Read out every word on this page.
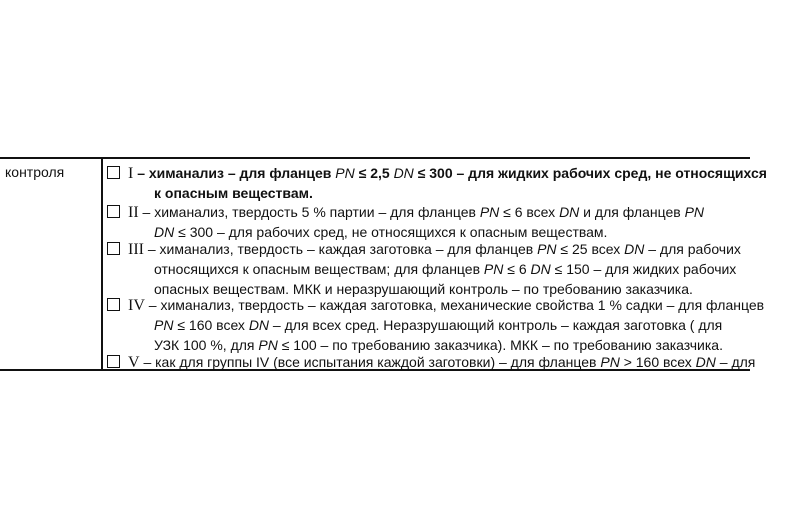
контроля	I – химанализ – для фланцев PN ≤ 2,5 DN ≤ 300 – для жидких рабочих сред, не относящихся
к опасным веществам.
II – химанализ, твердость 5 % партии – для фланцев PN ≤ 6 всех DN и для фланцев PN
DN ≤ 300 – для рабочих сред, не относящихся к опасным веществам.
III – химанализ, твердость – каждая заготовка – для фланцев PN ≤ 25 всех DN – для рабочих
относящихся к опасным веществам; для фланцев PN ≤ 6 DN ≤ 150 – для жидких рабочих
опасных веществам. МКК и неразрушающий контроль – по требованию заказчика.
IV – химанализ, твердость – каждая заготовка, механические свойства 1 % садки – для фланцев
PN ≤ 160 всех DN – для всех сред. Неразрушающий контроль – каждая заготовка ( для
УЗК 100 %, для PN ≤ 100 – по требованию заказчика). МКК – по требованию заказчика.
V – как для группы IV (все испытания каждой заготовки) – для фланцев PN > 160 всех DN – для
